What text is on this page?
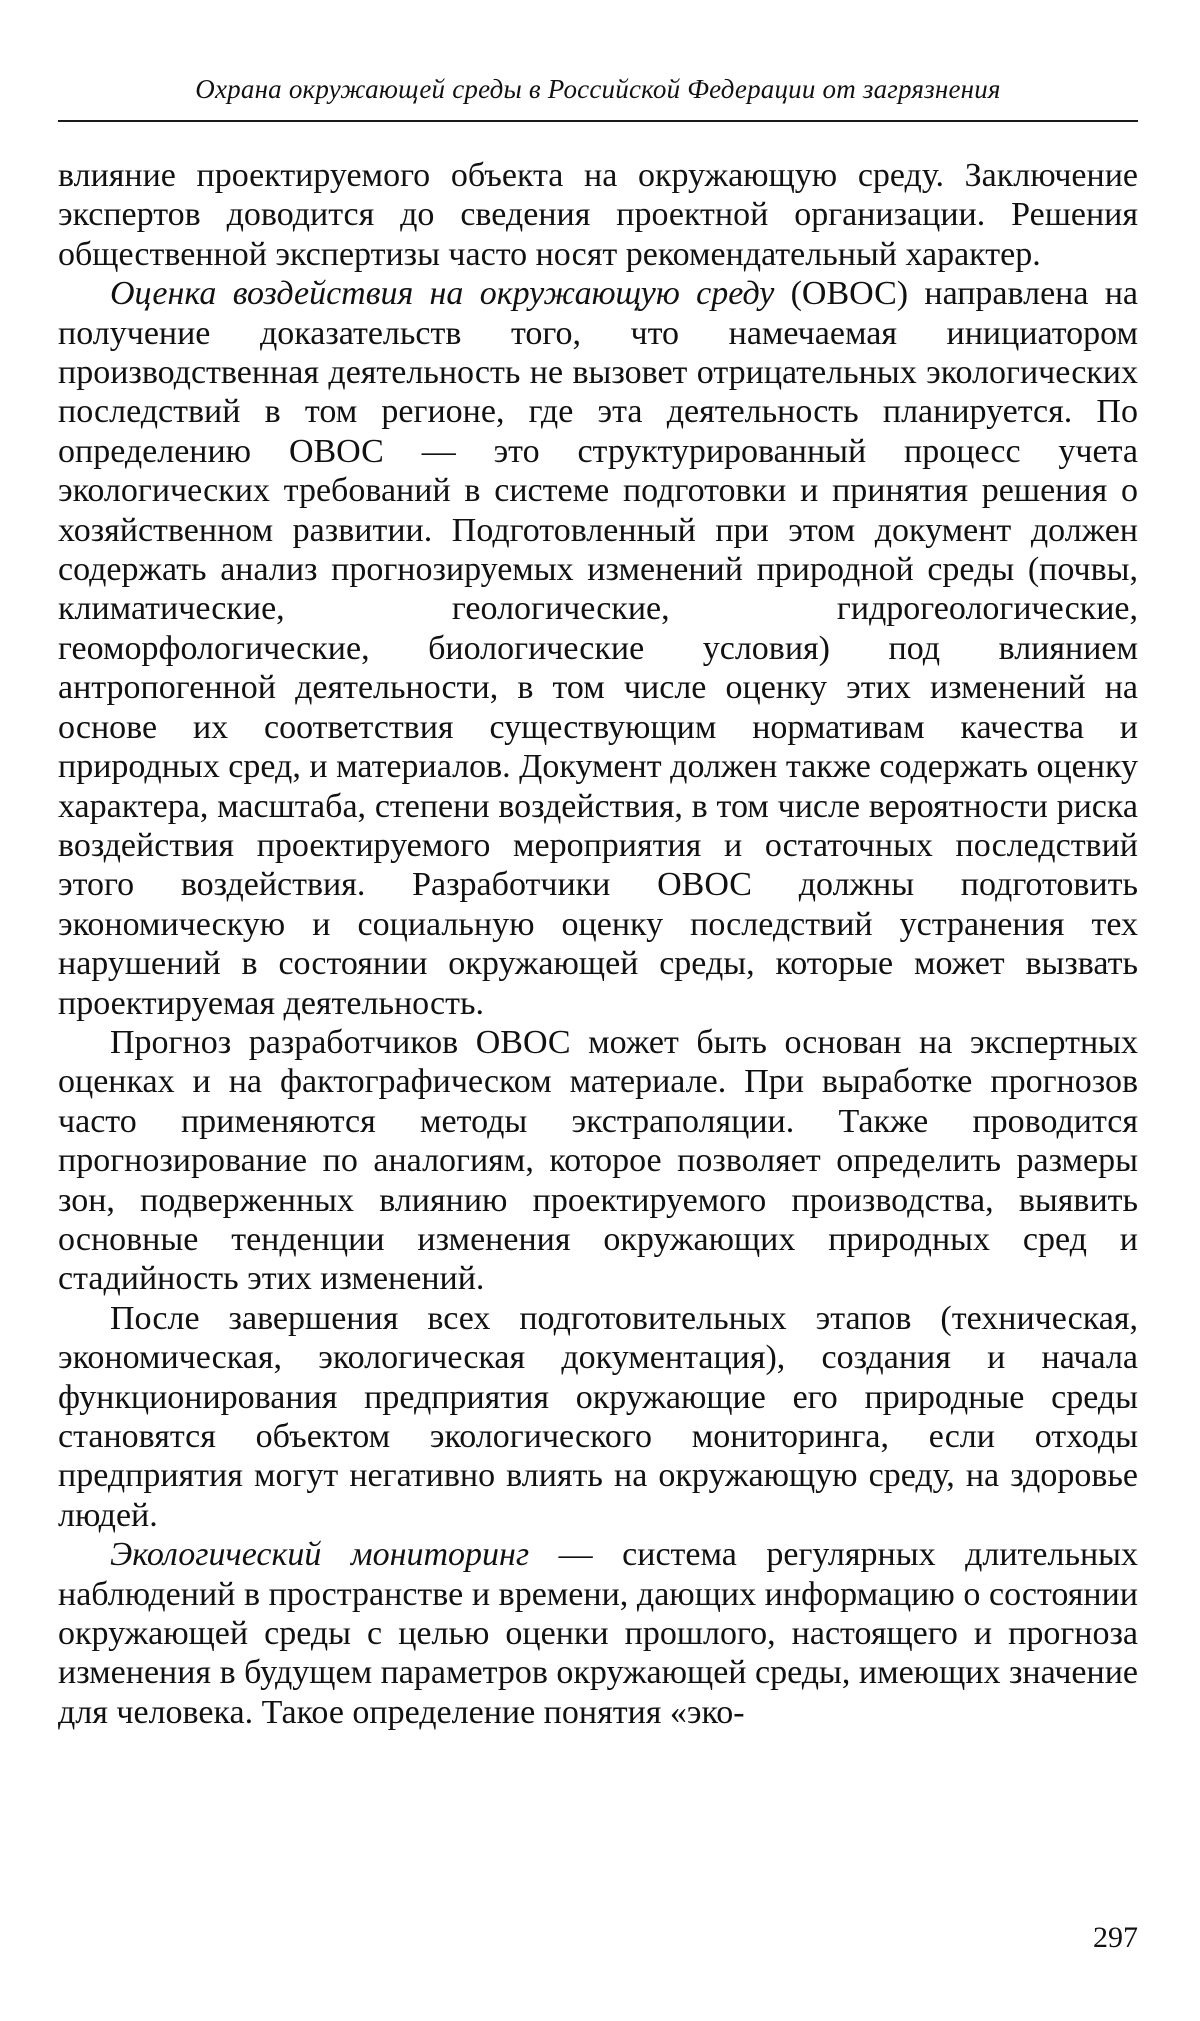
Охрана окружающей среды в Российской Федерации от загрязнения

влияние проектируемого объекта на окружающую среду. Заключение экспертов доводится до сведения проектной организации. Решения общественной экспертизы часто носят рекомендательный характер.

Оценка воздействия на окружающую среду (ОВОС) направлена на получение доказательств того, что намечаемая инициатором производственная деятельность не вызовет отрицательных экологических последствий в том регионе, где эта деятельность планируется. По определению ОВОС — это структурированный процесс учета экологических требований в системе подготовки и принятия решения о хозяйственном развитии. Подготовленный при этом документ должен содержать анализ прогнозируемых изменений природной среды (почвы, климатические, геологические, гидрогеологические, геоморфологические, биологические условия) под влиянием антропогенной деятельности, в том числе оценку этих изменений на основе их соответствия существующим нормативам качества и природных сред, и материалов. Документ должен также содержать оценку характера, масштаба, степени воздействия, в том числе вероятности риска воздействия проектируемого мероприятия и остаточных последствий этого воздействия. Разработчики ОВОС должны подготовить экономическую и социальную оценку последствий устранения тех нарушений в состоянии окружающей среды, которые может вызвать проектируемая деятельность.

Прогноз разработчиков ОВОС может быть основан на экспертных оценках и на фактографическом материале. При выработке прогнозов часто применяются методы экстраполяции. Также проводится прогнозирование по аналогиям, которое позволяет определить размеры зон, подверженных влиянию проектируемого производства, выявить основные тенденции изменения окружающих природных сред и стадийность этих изменений.

После завершения всех подготовительных этапов (техническая, экономическая, экологическая документация), создания и начала функционирования предприятия окружающие его природные среды становятся объектом экологического мониторинга, если отходы предприятия могут негативно влиять на окружающую среду, на здоровье людей.

Экологический мониторинг — система регулярных длительных наблюдений в пространстве и времени, дающих информацию о состоянии окружающей среды с целью оценки прошлого, настоящего и прогноза изменения в будущем параметров окружающей среды, имеющих значение для человека. Такое определение понятия «эко-

297
